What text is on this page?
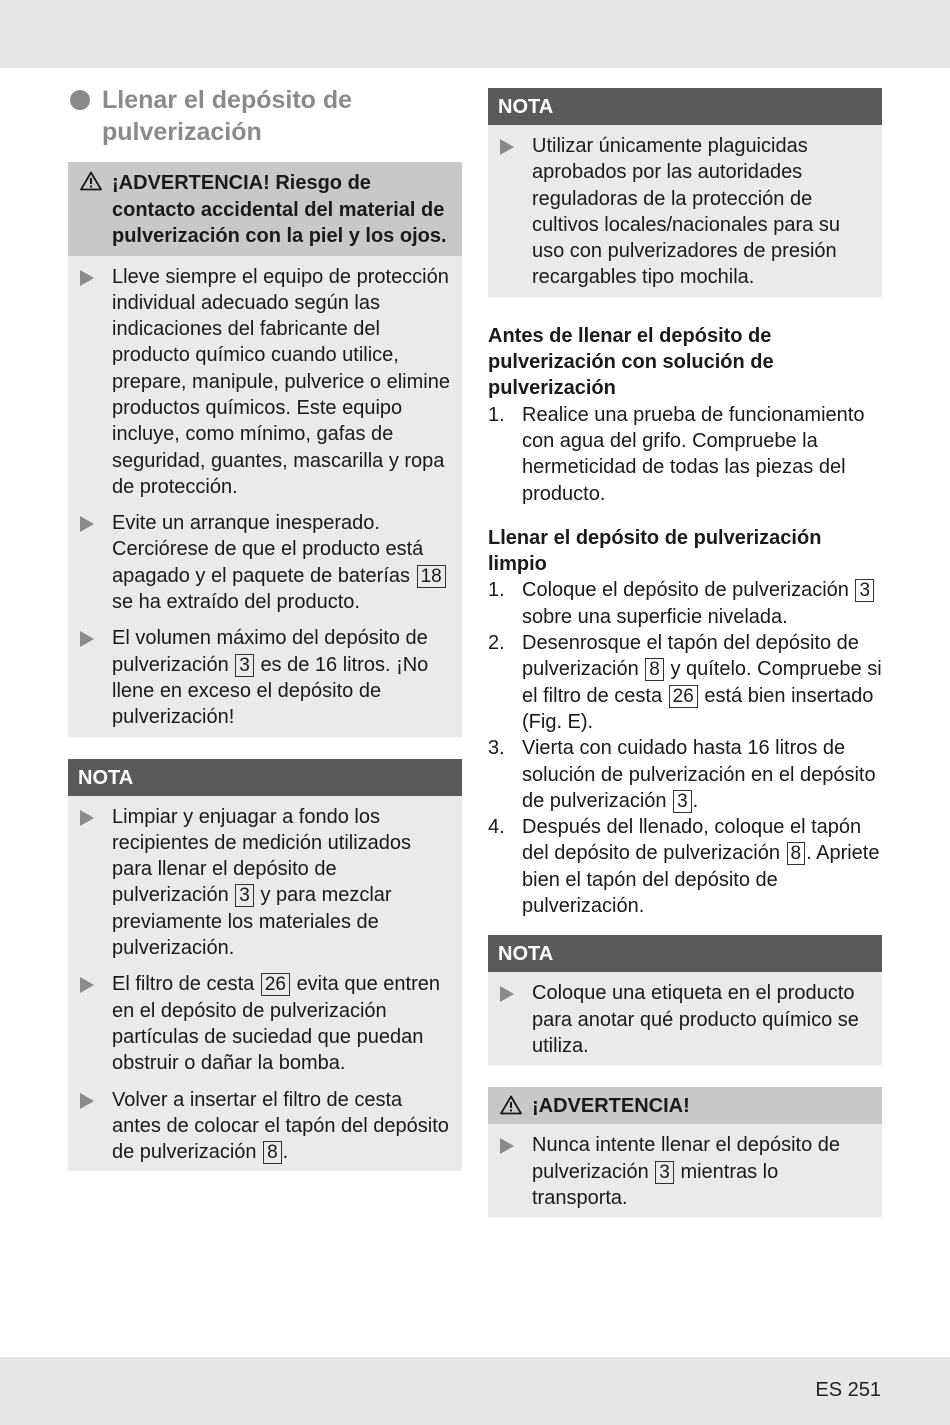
Llenar el depósito de pulverización
¡ADVERTENCIA! Riesgo de contacto accidental del material de pulverización con la piel y los ojos.
Lleve siempre el equipo de protección individual adecuado según las indicaciones del fabricante del producto químico cuando utilice, prepare, manipule, pulverice o elimine productos químicos. Este equipo incluye, como mínimo, gafas de seguridad, guantes, mascarilla y ropa de protección.
Evite un arranque inesperado. Cerciórese de que el producto está apagado y el paquete de baterías 18 se ha extraído del producto.
El volumen máximo del depósito de pulverización 3 es de 16 litros. ¡No llene en exceso el depósito de pulverización!
NOTA
Limpiar y enjuagar a fondo los recipientes de medición utilizados para llenar el depósito de pulverización 3 y para mezclar previamente los materiales de pulverización.
El filtro de cesta 26 evita que entren en el depósito de pulverización partículas de suciedad que puedan obstruir o dañar la bomba.
Volver a insertar el filtro de cesta antes de colocar el tapón del depósito de pulverización 8 .
NOTA
Utilizar únicamente plaguicidas aprobados por las autoridades reguladoras de la protección de cultivos locales/nacionales para su uso con pulverizadores de presión recargables tipo mochila.
Antes de llenar el depósito de pulverización con solución de pulverización
1. Realice una prueba de funcionamiento con agua del grifo. Compruebe la hermeticidad de todas las piezas del producto.
Llenar el depósito de pulverización limpio
1. Coloque el depósito de pulverización 3 sobre una superficie nivelada.
2. Desenrosque el tapón del depósito de pulverización 8 y quítelo. Compruebe si el filtro de cesta 26 está bien insertado (Fig. E).
3. Vierta con cuidado hasta 16 litros de solución de pulverización en el depósito de pulverización 3 .
4. Después del llenado, coloque el tapón del depósito de pulverización 8 . Apriete bien el tapón del depósito de pulverización.
NOTA
Coloque una etiqueta en el producto para anotar qué producto químico se utiliza.
¡ADVERTENCIA!
Nunca intente llenar el depósito de pulverización 3 mientras lo transporta.
ES 251
